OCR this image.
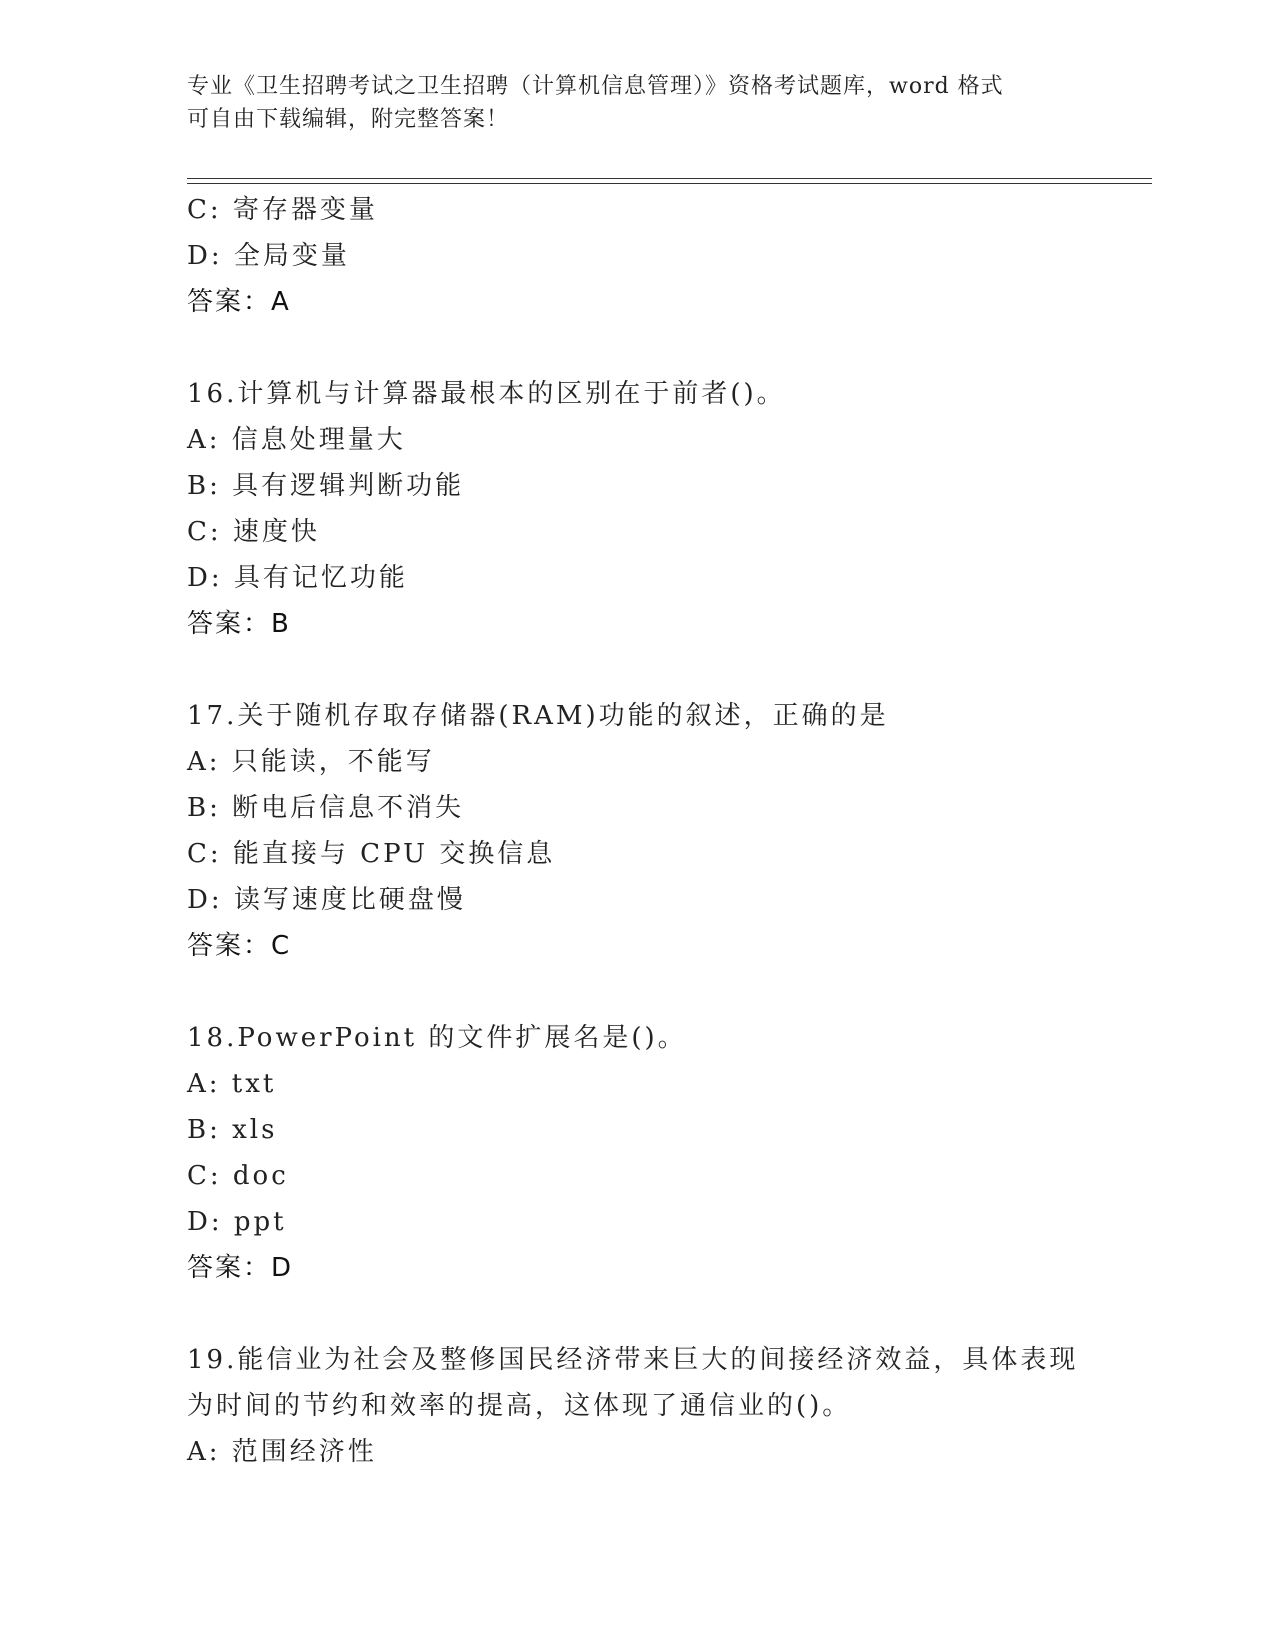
专业《卫生招聘考试之卫生招聘（计算机信息管理）》资格考试题库，word 格式
可自由下载编辑，附完整答案！
C: 寄存器变量
D: 全局变量
答案：A
16.计算机与计算器最根本的区别在于前者()。
A: 信息处理量大
B: 具有逻辑判断功能
C: 速度快
D: 具有记忆功能
答案：B
17.关于随机存取存储器(RAM)功能的叙述，正确的是
A: 只能读，不能写
B: 断电后信息不消失
C: 能直接与 CPU 交换信息
D: 读写速度比硬盘慢
答案：C
18.PowerPoint 的文件扩展名是()。
A: txt
B: xls
C: doc
D: ppt
答案：D
19.能信业为社会及整修国民经济带来巨大的间接经济效益，具体表现
为时间的节约和效率的提高，这体现了通信业的()。
A: 范围经济性
